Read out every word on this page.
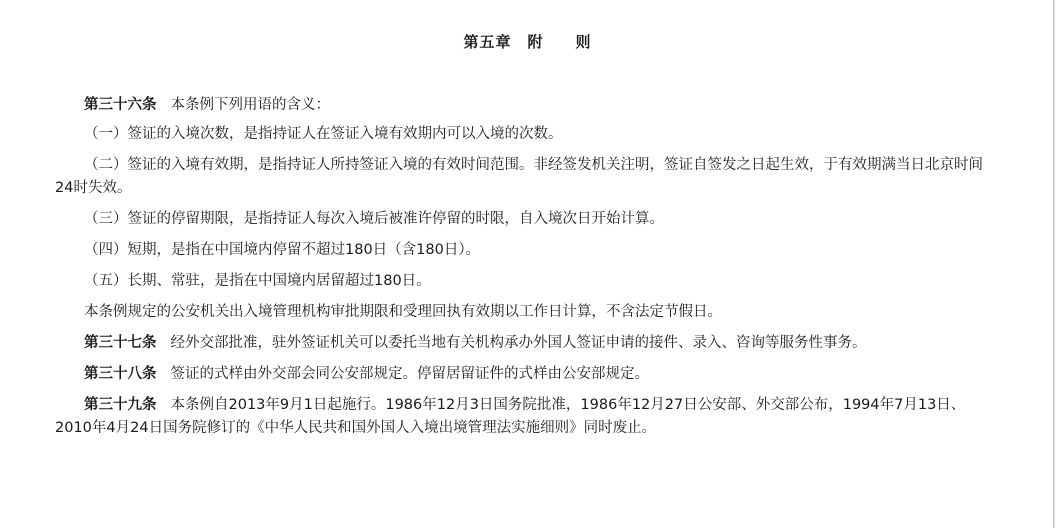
第五章　附　　则

第三十六条 本条例下列用语的含义：

（一）签证的入境次数，是指持证人在签证入境有效期内可以入境的次数。

（二）签证的入境有效期，是指持证人所持签证入境的有效时间范围。非经签发机关注明，签证自签发之日起生效，于有效期满当日北京时间24时失效。

（三）签证的停留期限，是指持证人每次入境后被准许停留的时限，自入境次日开始计算。

（四）短期，是指在中国境内停留不超过180日（含180日）。

（五）长期、常驻，是指在中国境内居留超过180日。

本条例规定的公安机关出入境管理机构审批期限和受理回执有效期以工作日计算，不含法定节假日。

第三十七条 经外交部批准，驻外签证机关可以委托当地有关机构承办外国人签证申请的接件、录入、咨询等服务性事务。

第三十八条 签证的式样由外交部会同公安部规定。停留居留证件的式样由公安部规定。

第三十九条 本条例自2013年9月1日起施行。1986年12月3日国务院批准，1986年12月27日公安部、外交部公布，1994年7月13日、2010年4月24日国务院修订的《中华人民共和国外国人入境出境管理法实施细则》同时废止。
